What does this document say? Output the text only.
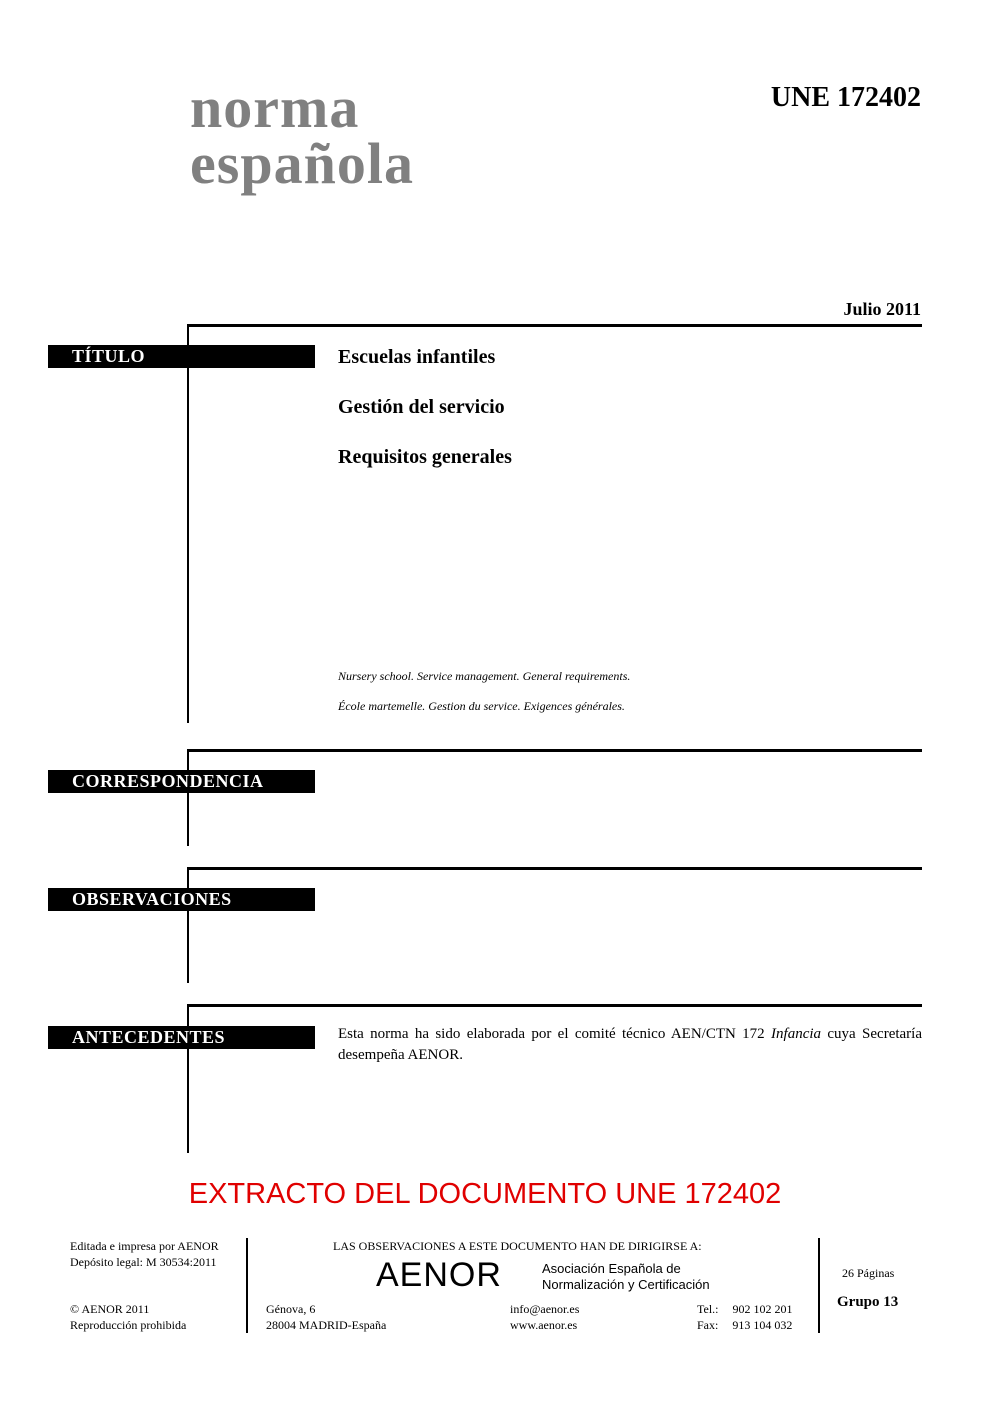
norma
española
UNE 172402
Julio 2011
TÍTULO	Escuelas infantiles
Gestión del servicio
Requisitos generales
Nursery school. Service management. General requirements.
École martemelle. Gestion du service. Exigences générales.
CORRESPONDENCIA
OBSERVACIONES
ANTECEDENTES	Esta norma ha sido elaborada por el comité técnico AEN/CTN 172 Infancia cuya Secretaría desempeña AENOR.
EXTRACTO DEL DOCUMENTO UNE 172402
Editada e impresa por AENOR
Depósito legal: M 30534:2011
© AENOR 2011
Reproducción prohibida
LAS OBSERVACIONES A ESTE DOCUMENTO HAN DE DIRIGIRSE A:
AENOR	Asociación Española de
Normalización y Certificación
Génova, 6
28004 MADRID-España
info@aenor.es
www.aenor.es
Tel.: 902 102 201
Fax: 913 104 032
26 Páginas
Grupo 13
